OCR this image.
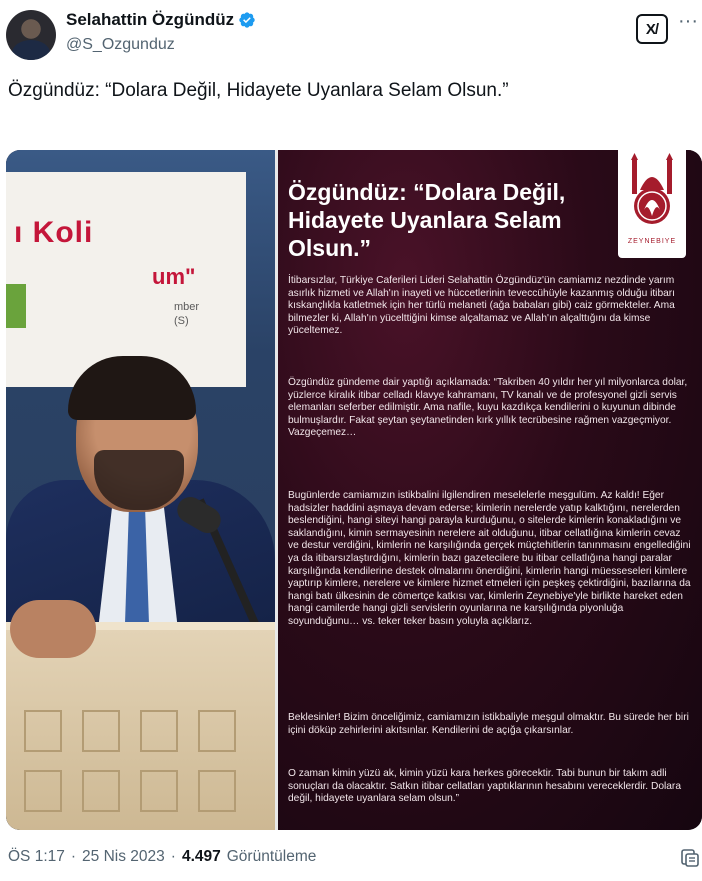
Selahattin Özgündüz
@S_Ozgunduz
X/ ···
Özgündüz: “Dolara Değil, Hidayete Uyanlara Selam Olsun.”
ı Koli
um"
mber
(S)
Özgündüz: “Dolara Değil, Hidayete Uyanlara Selam Olsun.”	ZEYNEBIYE
İtibarsızlar, Türkiye Caferileri Lideri Selahattin Özgündüz'ün camiamız nezdinde yarım asırlık hizmeti ve Allah'ın inayeti ve hüccetlerinin teveccühüyle kazanmış olduğu itibarı kıskançlıkla katletmek için her türlü melaneti (ağa babaları gibi) caiz görmekteler. Ama bilmezler ki, Allah'ın yücelttiğini kimse alçaltamaz ve Allah'ın alçalttığını da kimse yüceltemez.
Özgündüz gündeme dair yaptığı açıklamada: “Takriben 40 yıldır her yıl milyonlarca dolar, yüzlerce kiralık itibar celladı klavye kahramanı, TV kanalı ve de profesyonel gizli servis elemanları seferber edilmiştir. Ama nafile, kuyu kazdıkça kendilerini o kuyunun dibinde bulmuşlardır. Fakat şeytan şeytanetinden kırk yıllık tecrübesine rağmen vazgeçmiyor. Vazgeçemez…
Bugünlerde camiamızın istikbalini ilgilendiren meselelerle meşgulüm. Az kaldı! Eğer hadsizler haddini aşmaya devam ederse; kimlerin nerelerde yatıp kalktığını, nerelerden beslendiğini, hangi siteyi hangi parayla kurduğunu, o sitelerde kimlerin konakladığını ve saklandığını, kimin sermayesinin nerelere ait olduğunu, itibar cellatlığına kimlerin cevaz ve destur verdiğini, kimlerin ne karşılığında gerçek müçtehitlerin tanınmasını engellediğini ya da itibarsızlaştırdığını, kimlerin bazı gazetecilere bu itibar cellatlığına hangi paralar karşılığında kendilerine destek olmalarını önerdiğini, kimlerin hangi müesseseleri kimlere yaptırıp kimlere, nerelere ve kimlere hizmet etmeleri için peşkeş çektirdiğini, bazılarına da hangi batı ülkesinin de cömertçe katkısı var, kimlerin Zeynebiye'yle birlikte hareket eden hangi camilerde hangi gizli servislerin oyunlarına ne karşılığında piyonluğa soyunduğunu… vs. teker teker basın yoluyla açıklarız.
Beklesinler! Bizim önceliğimiz, camiamızın istikbaliyle meşgul olmaktır. Bu sürede her biri içini döküp zehirlerini akıtsınlar. Kendilerini de açığa çıkarsınlar.
O zaman kimin yüzü ak, kimin yüzü kara herkes görecektir. Tabi bunun bir takım adli sonuçları da olacaktır. Satkın itibar cellatları yaptıklarının hesabını vereceklerdir. Dolara değil, hidayete uyanlara selam olsun.”
ÖS 1:17 · 25 Nis 2023 · 4.497 Görüntüleme
